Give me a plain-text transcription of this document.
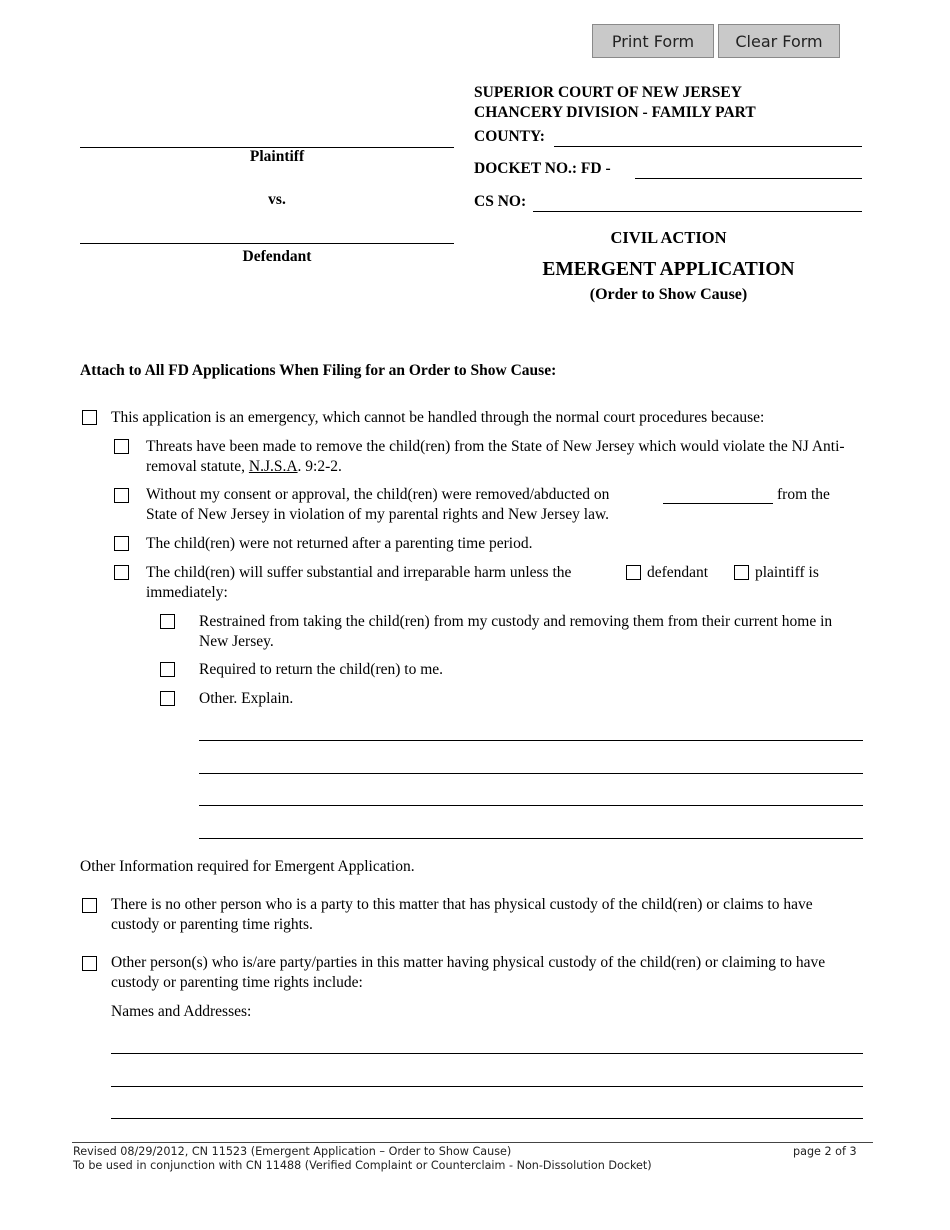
Print Form	Clear Form
SUPERIOR COURT OF NEW JERSEY
CHANCERY DIVISION - FAMILY PART
COUNTY:
DOCKET NO.: FD -
CS NO:
CIVIL ACTION
EMERGENT APPLICATION
(Order to Show Cause)
Plaintiff
vs.
Defendant
Attach to All FD Applications When Filing for an Order to Show Cause:
This application is an emergency, which cannot be handled through the normal court procedures because:
Threats have been made to remove the child(ren) from the State of New Jersey which would violate the NJ Anti-removal statute, N.J.S.A. 9:2-2.
Without my consent or approval, the child(ren) were removed/abducted on	from the
State of New Jersey in violation of my parental rights and New Jersey law.
The child(ren) were not returned after a parenting time period.
The child(ren) will suffer substantial and irreparable harm unless the	defendant	plaintiff is
immediately:
Restrained from taking the child(ren) from my custody and removing them from their current home in New Jersey.
Required to return the child(ren) to me.
Other. Explain.
Other Information required for Emergent Application.
There is no other person who is a party to this matter that has physical custody of the child(ren) or claims to have custody or parenting time rights.
Other person(s) who is/are party/parties in this matter having physical custody of the child(ren) or claiming to have custody or parenting time rights include:
Names and Addresses:
Revised 08/29/2012, CN 11523 (Emergent Application – Order to Show Cause)
To be used in conjunction with CN 11488 (Verified Complaint or Counterclaim - Non-Dissolution Docket)
page 2 of 3
